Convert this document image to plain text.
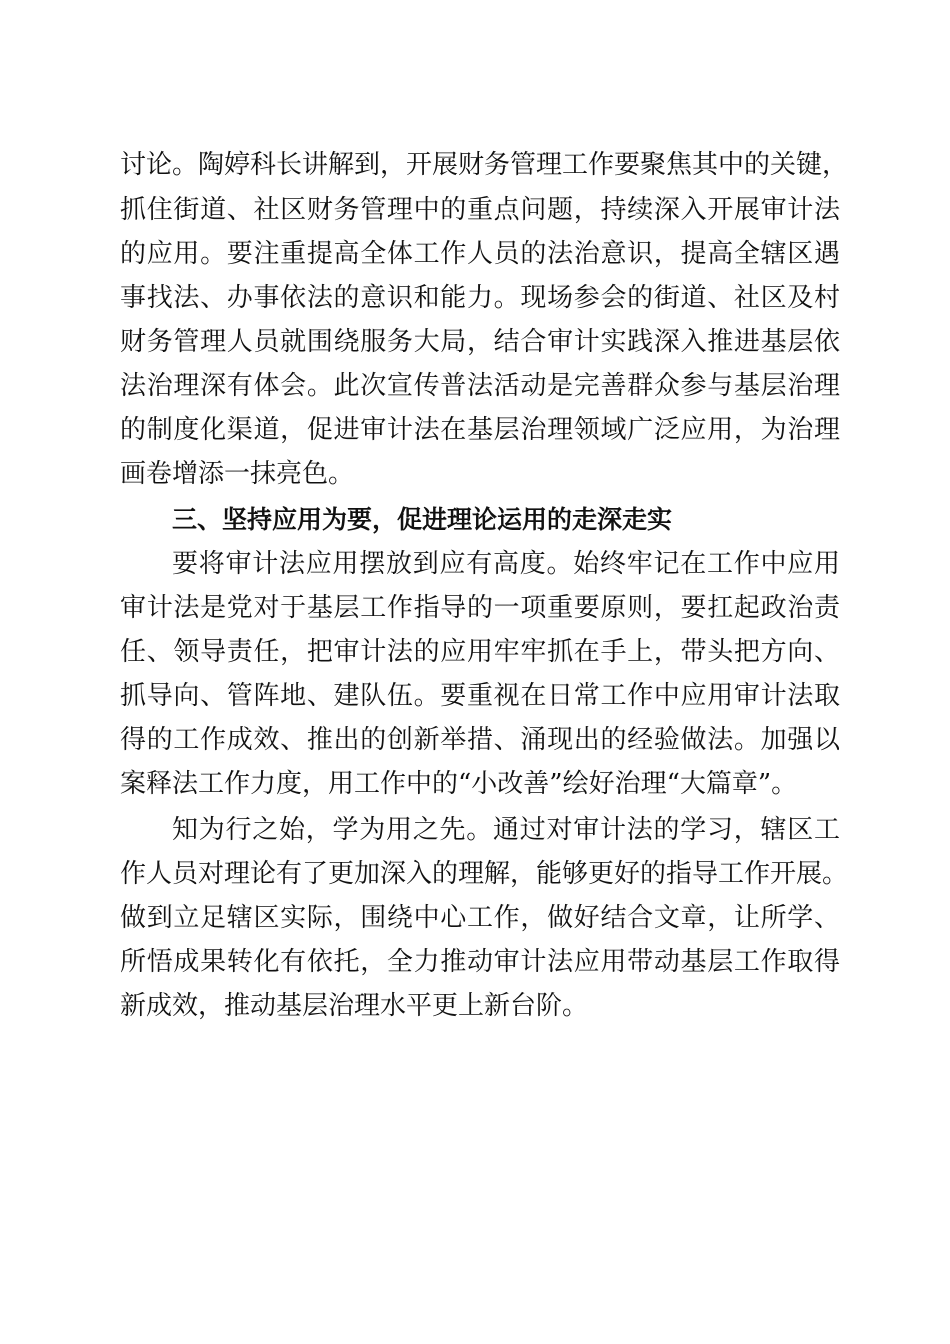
讨论。陶婷科长讲解到，开展财务管理工作要聚焦其中的关键，
抓住街道、社区财务管理中的重点问题，持续深入开展审计法
的应用。要注重提高全体工作人员的法治意识，提高全辖区遇
事找法、办事依法的意识和能力。现场参会的街道、社区及村
财务管理人员就围绕服务大局，结合审计实践深入推进基层依
法治理深有体会。此次宣传普法活动是完善群众参与基层治理
的制度化渠道，促进审计法在基层治理领域广泛应用，为治理
画卷增添一抹亮色。
三、坚持应用为要，促进理论运用的走深走实
要将审计法应用摆放到应有高度。始终牢记在工作中应用
审计法是党对于基层工作指导的一项重要原则，要扛起政治责
任、领导责任，把审计法的应用牢牢抓在手上，带头把方向、
抓导向、管阵地、建队伍。要重视在日常工作中应用审计法取
得的工作成效、推出的创新举措、涌现出的经验做法。加强以
案释法工作力度，用工作中的“小改善”绘好治理“大篇章”。
知为行之始，学为用之先。通过对审计法的学习，辖区工
作人员对理论有了更加深入的理解，能够更好的指导工作开展。
做到立足辖区实际，围绕中心工作，做好结合文章，让所学、
所悟成果转化有依托，全力推动审计法应用带动基层工作取得
新成效，推动基层治理水平更上新台阶。
